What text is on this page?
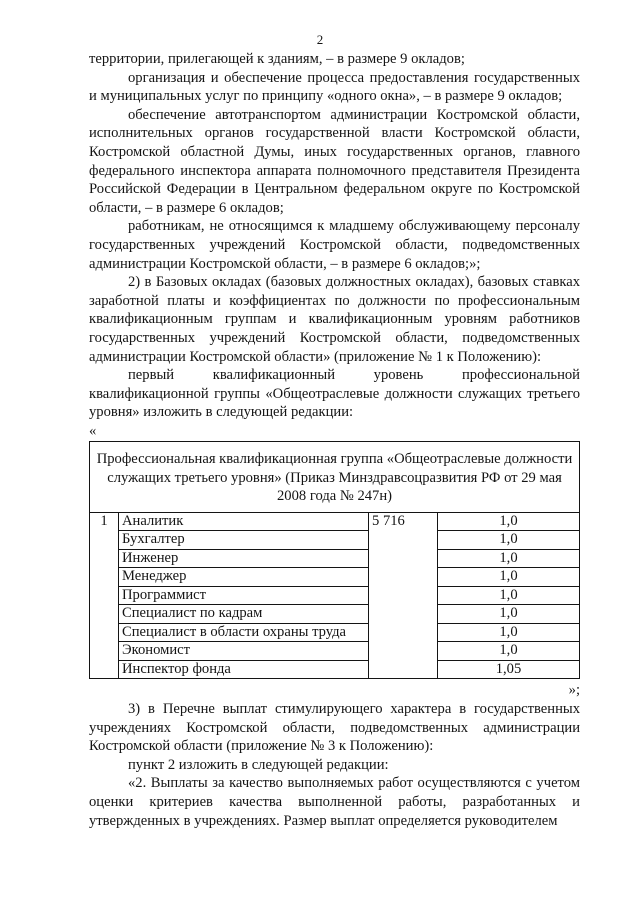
2

территории, прилегающей к зданиям, – в размере 9 окладов;

организация и обеспечение процесса предоставления государственных и муниципальных услуг по принципу «одного окна», – в размере 9 окладов;

обеспечение автотранспортом администрации Костромской области, исполнительных органов государственной власти Костромской области, Костромской областной Думы, иных государственных органов, главного федерального инспектора аппарата полномочного представителя Президента Российской Федерации в Центральном федеральном округе по Костромской области, – в размере 6 окладов;

работникам, не относящимся к младшему обслуживающему персоналу государственных учреждений Костромской области, подведомственных администрации Костромской области, – в размере 6 окладов;»;

2) в Базовых окладах (базовых должностных окладах), базовых ставках заработной платы и коэффициентах по должности по профессиональным квалификационным группам и квалификационным уровням работников государственных учреждений Костромской области, подведомственных администрации Костромской области» (приложение № 1 к Положению):

первый квалификационный уровень профессиональной квалификационной группы «Общеотраслевые должности служащих третьего уровня» изложить в следующей редакции:

«

Профессиональная квалификационная группа «Общеотраслевые должности служащих третьего уровня» (Приказ Минздравсоцразвития РФ от 29 мая 2008 года № 247н)			
1	Аналитик	5 716	1,0
	Бухгалтер		1,0
	Инженер		1,0
	Менеджер		1,0
	Программист		1,0
	Специалист по кадрам		1,0
	Специалист в области охраны труда		1,0
	Экономист		1,0
	Инспектор фонда		1,05

»;

3) в Перечне выплат стимулирующего характера в государственных учреждениях Костромской области, подведомственных администрации Костромской области (приложение № 3 к Положению):

пункт 2 изложить в следующей редакции:

«2. Выплаты за качество выполняемых работ осуществляются с учетом оценки критериев качества выполненной работы, разработанных и утвержденных в учреждениях. Размер выплат определяется руководителем
